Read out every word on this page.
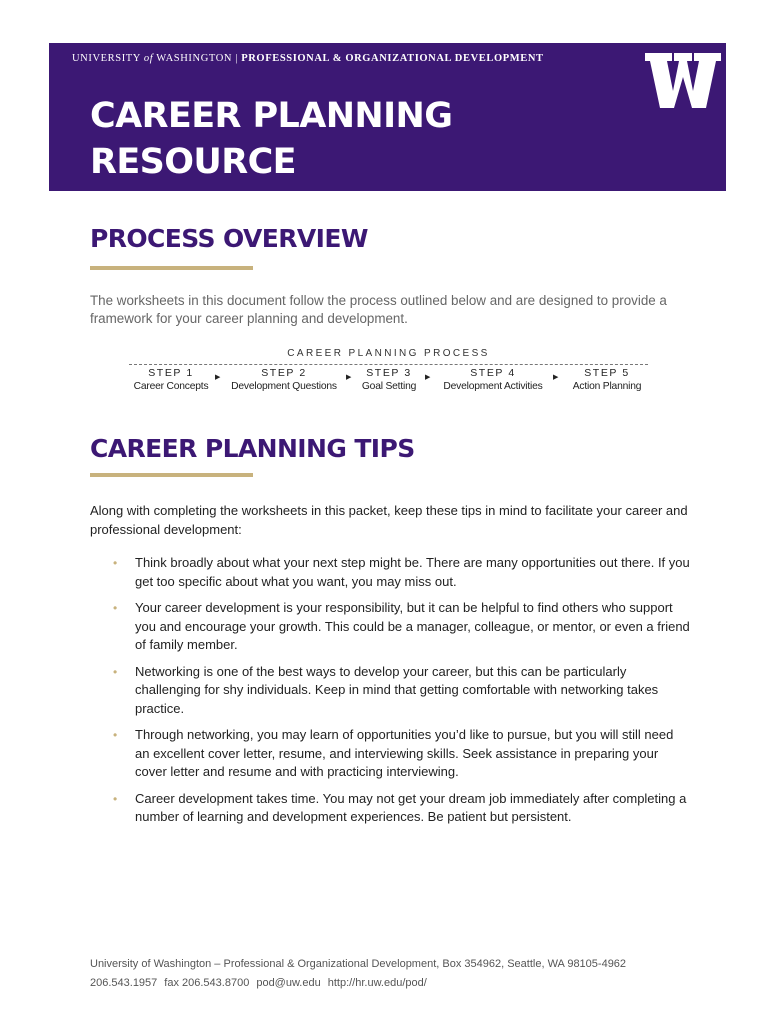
UNIVERSITY of WASHINGTON | PROFESSIONAL & ORGANIZATIONAL DEVELOPMENT
CAREER PLANNING RESOURCE
PROCESS OVERVIEW

The worksheets in this document follow the process outlined below and are designed to provide a framework for your career planning and development.

CAREER PLANNING PROCESS
STEP 1
Career Concepts
▶	STEP 2
Development Questions
▶	STEP 3
Goal Setting
▶	STEP 4
Development Activities
▶	STEP 5
Action Planning
CAREER PLANNING TIPS

Along with completing the worksheets in this packet, keep these tips in mind to facilitate your career and professional development:

• Think broadly about what your next step might be. There are many opportunities out there. If you get too specific about what you want, you may miss out.
• Your career development is your responsibility, but it can be helpful to find others who support you and encourage your growth. This could be a manager, colleague, or mentor, or even a friend of family member.
• Networking is one of the best ways to develop your career, but this can be particularly challenging for shy individuals. Keep in mind that getting comfortable with networking takes practice.
• Through networking, you may learn of opportunities you’d like to pursue, but you will still need an excellent cover letter, resume, and interviewing skills. Seek assistance in preparing your cover letter and resume and with practicing interviewing.
• Career development takes time. You may not get your dream job immediately after completing a number of learning and development experiences. Be patient but persistent.
University of Washington – Professional & Organizational Development, Box 354962, Seattle, WA 98105-4962
206.543.1957 fax 206.543.8700 pod@uw.edu http://hr.uw.edu/pod/
